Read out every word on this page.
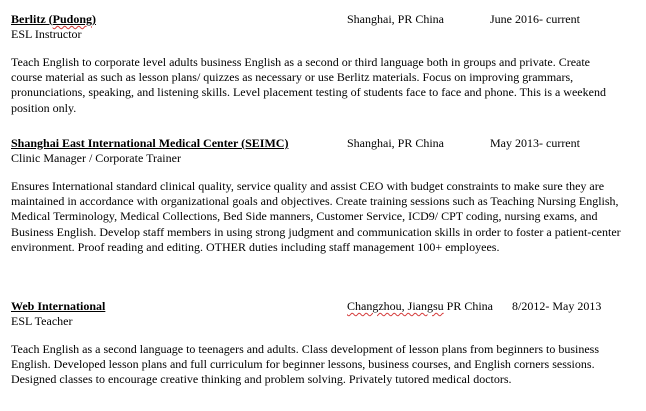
Berlitz (Pudong)	Shanghai, PR China	June 2016- current
ESL Instructor
Teach English to corporate level adults business English as a second or third language both in groups and private. Create course material as such as lesson plans/ quizzes as necessary or use Berlitz materials. Focus on improving grammars, pronunciations, speaking, and listening skills. Level placement testing of students face to face and phone. This is a weekend position only.
Shanghai East International Medical Center (SEIMC)	Shanghai, PR China	May 2013- current
Clinic Manager / Corporate Trainer
Ensures International standard clinical quality, service quality and assist CEO with budget constraints to make sure they are maintained in accordance with organizational goals and objectives. Create training sessions such as Teaching Nursing English, Medical Terminology, Medical Collections, Bed Side manners, Customer Service, ICD9/ CPT coding, nursing exams, and Business English. Develop staff members in using strong judgment and communication skills in order to foster a patient-center environment. Proof reading and editing. OTHER duties including staff management 100+ employees.
Web International	Changzhou, Jiangsu PR China 8/2012- May 2013
ESL Teacher
Teach English as a second language to teenagers and adults. Class development of lesson plans from beginners to business English. Developed lesson plans and full curriculum for beginner lessons, business courses, and English corners sessions. Designed classes to encourage creative thinking and problem solving. Privately tutored medical doctors.
